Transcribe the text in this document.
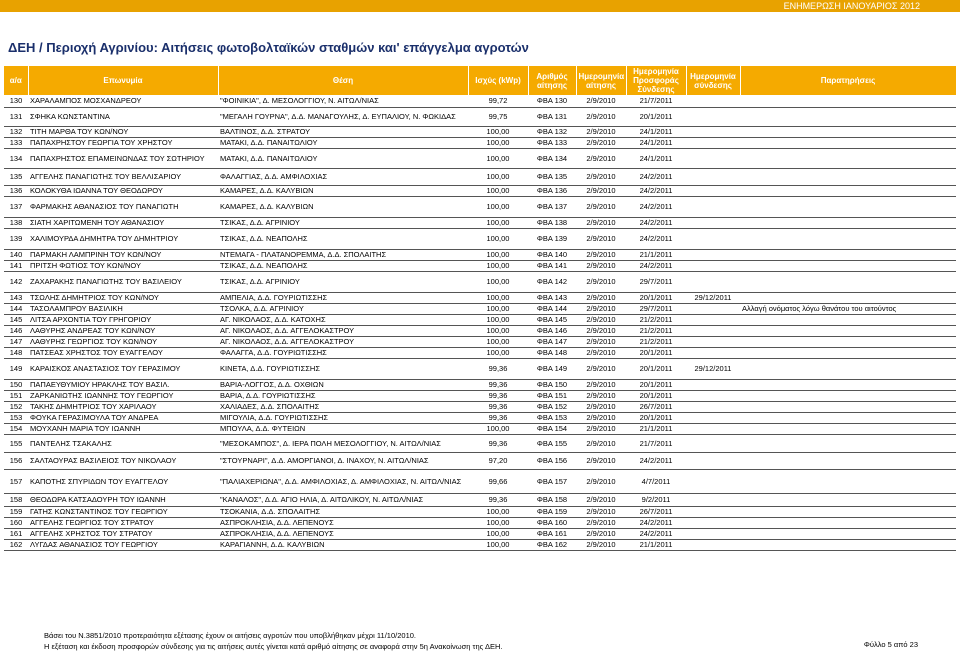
ΕΝΗΜΕΡΩΣΗ ΙΑΝΟΥΑΡΙΟΣ 2012
ΔΕΗ / Περιοχή Αγρινίου: Αιτήσεις φωτοβολταϊκών σταθμών και' επάγγελμα αγροτών
α/α	Επωνυμία	Θέση	Ισχύς (kWp)	Αριθμός αίτησης	Ημερομηνία αίτησης	Ημερομηνία Προσφοράς Σύνδεσης	Ημερομηνία σύνδεσης	Παρατηρήσεις
130	ΧΑΡΑΛΑΜΠΟΣ ΜΟΣΧΑΝΔΡΕΟΥ	"ΦΟΙΝΙΚΙΑ", Δ. ΜΕΣΟΛΟΓΓΙΟΥ, Ν. ΑΙΤΩΛ/ΝΙΑΣ	99,72	ΦΒΑ 130	2/9/2010	21/7/2011		
131	ΣΦΗΚΑ ΚΩΝΣΤΑΝΤΙΝΑ	"ΜΕΓΑΛΗ ΓΟΥΡΝΑ", Δ.Δ. ΜΑΝΑΓΟΥΛΗΣ, Δ. ΕΥΠΑΛΙΟΥ, Ν. ΦΩΚΙΔΑΣ	99,75	ΦΒΑ 131	2/9/2010	20/1/2011		
132	ΤΙΤΗ ΜΑΡΘΑ ΤΟΥ ΚΩΝ/ΝΟΥ	ΒΑΛΤΙΝΟΣ, Δ.Δ. ΣΤΡΑΤΟΥ	100,00	ΦΒΑ 132	2/9/2010	24/1/2011		
133	ΠΑΠΑΧΡΗΣΤΟΥ ΓΕΩΡΓΙΑ ΤΟΥ ΧΡΗΣΤΟΥ	ΜΑΤΑΚΙ, Δ.Δ. ΠΑΝΑΙΤΩΛΙΟΥ	100,00	ΦΒΑ 133	2/9/2010	24/1/2011		
134	ΠΑΠΑΧΡΗΣΤΟΣ ΕΠΑΜΕΙΝΩΝΔΑΣ ΤΟΥ ΣΩΤΗΡΙΟΥ	ΜΑΤΑΚΙ, Δ.Δ. ΠΑΝΑΙΤΩΛΙΟΥ	100,00	ΦΒΑ 134	2/9/2010	24/1/2011		
135	ΑΓΓΕΛΗΣ ΠΑΝΑΓΙΩΤΗΣ ΤΟΥ ΒΕΛΛΙΣΑΡΙΟΥ	ΦΑΛΑΓΓΙΑΣ, Δ.Δ. ΑΜΦΙΛΟΧΙΑΣ	100,00	ΦΒΑ 135	2/9/2010	24/2/2011		
136	ΚΟΛΟΚΥΘΑ ΙΩΑΝΝΑ ΤΟΥ ΘΕΟΔΩΡΟΥ	ΚΑΜΑΡΕΣ, Δ.Δ. ΚΑΛΥΒΙΩΝ	100,00	ΦΒΑ 136	2/9/2010	24/2/2011		
137	ΦΑΡΜΑΚΗΣ ΑΘΑΝΑΣΙΟΣ ΤΟΥ ΠΑΝΑΓΙΩΤΗ	ΚΑΜΑΡΕΣ, Δ.Δ. ΚΑΛΥΒΙΩΝ	100,00	ΦΒΑ 137	2/9/2010	24/2/2011		
138	ΣΙΑΤΗ ΧΑΡΙΤΩΜΕΝΗ ΤΟΥ ΑΘΑΝΑΣΙΟΥ	ΤΣΙΚΑΣ, Δ.Δ. ΑΓΡΙΝΙΟΥ	100,00	ΦΒΑ 138	2/9/2010	24/2/2011		
139	ΧΑΛΙΜΟΥΡΔΑ ΔΗΜΗΤΡΑ ΤΟΥ ΔΗΜΗΤΡΙΟΥ	ΤΣΙΚΑΣ, Δ.Δ. ΝΕΑΠΟΛΗΣ	100,00	ΦΒΑ 139	2/9/2010	24/2/2011		
140	ΠΑΡΜΑΚΗ ΛΑΜΠΡΙΝΗ ΤΟΥ ΚΩΝ/ΝΟΥ	ΝΤΕΜΑΓΑ - ΠΛΑΤΑΝΟΡΕΜΜΑ, Δ.Δ. ΣΠΟΛΑΙΤΗΣ	100,00	ΦΒΑ 140	2/9/2010	21/1/2011		
141	ΠΡΙΤΣΗ ΦΩΤΙΟΣ ΤΟΥ ΚΩΝ/ΝΟΥ	ΤΣΙΚΑΣ, Δ.Δ. ΝΕΑΠΟΛΗΣ	100,00	ΦΒΑ 141	2/9/2010	24/2/2011		
142	ΖΑΧΑΡΑΚΗΣ ΠΑΝΑΓΙΩΤΗΣ ΤΟΥ ΒΑΣΙΛΕΙΟΥ	ΤΣΙΚΑΣ, Δ.Δ. ΑΓΡΙΝΙΟΥ	100,00	ΦΒΑ 142	2/9/2010	29/7/2011		
143	ΤΣΩΛΗΣ ΔΗΜΗΤΡΙΟΣ ΤΟΥ ΚΩΝ/ΝΟΥ	ΑΜΠΕΛΙΑ, Δ.Δ. ΓΟΥΡΙΩΤΙΣΣΗΣ	100,00	ΦΒΑ 143	2/9/2010	20/1/2011	29/12/2011	
144	ΤΑΣΟΛΑΜΠΡΟΥ ΒΑΣΙΛΙΚΗ	ΤΣΟΛΚΑ, Δ.Δ. ΑΓΡΙΝΙΟΥ	100,00	ΦΒΑ 144	2/9/2010	29/7/2011		Αλλαγή ονόματος λόγω θανάτου του αιτούντος
145	ΛΙΤΣΑ ΑΡΧΟΝΤΙΑ ΤΟΥ ΓΡΗΓΟΡΙΟΥ	ΑΓ. ΝΙΚΟΛΑΟΣ, Δ.Δ. ΚΑΤΟΧΗΣ	100,00	ΦΒΑ 145	2/9/2010	21/2/2011		
146	ΛΑΘΥΡΗΣ ΑΝΔΡΕΑΣ ΤΟΥ ΚΩΝ/ΝΟΥ	ΑΓ. ΝΙΚΟΛΑΟΣ, Δ.Δ. ΑΓΓΕΛΟΚΑΣΤΡΟΥ	100,00	ΦΒΑ 146	2/9/2010	21/2/2011		
147	ΛΑΘΥΡΗΣ ΓΕΩΡΓΙΟΣ ΤΟΥ ΚΩΝ/ΝΟΥ	ΑΓ. ΝΙΚΟΛΑΟΣ, Δ.Δ. ΑΓΓΕΛΟΚΑΣΤΡΟΥ	100,00	ΦΒΑ 147	2/9/2010	21/2/2011		
148	ΠΑΤΣΕΑΣ ΧΡΗΣΤΟΣ ΤΟΥ ΕΥΑΓΓΕΛΟΥ	ΦΑΛΑΓΓΑ, Δ.Δ. ΓΟΥΡΙΩΤΙΣΣΗΣ	100,00	ΦΒΑ 148	2/9/2010	20/1/2011		
149	ΚΑΡΑΙΣΚΟΣ ΑΝΑΣΤΑΣΙΟΣ ΤΟΥ ΓΕΡΑΣΙΜΟΥ	ΚΙΝΕΤΑ, Δ.Δ. ΓΟΥΡΙΩΤΙΣΣΗΣ	99,36	ΦΒΑ 149	2/9/2010	20/1/2011	29/12/2011	
150	ΠΑΠΑΕΥΘΥΜΙΟΥ ΗΡΑΚΛΗΣ ΤΟΥ ΒΑΣΙΛ.	ΒΑΡΙΑ-ΛΟΓΓΟΣ, Δ.Δ. ΟΧΘΙΩΝ	99,36	ΦΒΑ 150	2/9/2010	20/1/2011		
151	ΖΑΡΚΑΝΙΩΤΗΣ ΙΩΑΝΝΗΣ ΤΟΥ ΓΕΩΡΓΙΟΥ	ΒΑΡΙΑ, Δ.Δ. ΓΟΥΡΙΩΤΙΣΣΗΣ	99,36	ΦΒΑ 151	2/9/2010	20/1/2011		
152	ΤΑΚΗΣ ΔΗΜΗΤΡΙΟΣ ΤΟΥ ΧΑΡΙΛΑΟΥ	ΧΑΛΙΑΔΕΣ, Δ.Δ. ΣΠΟΛΑΙΤΗΣ	99,36	ΦΒΑ 152	2/9/2010	26/7/2011		
153	ΦΟΥΚΑ ΓΕΡΑΣΙΜΟΥΛΑ ΤΟΥ ΑΝΔΡΕΑ	ΜΙΓΟΥΛΙΑ, Δ.Δ. ΓΟΥΡΙΩΤΙΣΣΗΣ	99,36	ΦΒΑ 153	2/9/2010	20/1/2011		
154	ΜΟΥΧΑΝΗ ΜΑΡΙΑ ΤΟΥ ΙΩΑΝΝΗ	ΜΠΟΥΛΑ, Δ.Δ. ΦΥΤΕΙΩΝ	100,00	ΦΒΑ 154	2/9/2010	21/1/2011		
155	ΠΑΝΤΕΛΗΣ ΤΣΑΚΑΛΗΣ	"ΜΕΣΟΚΑΜΠΟΣ", Δ. ΙΕΡΑ ΠΟΛΗ ΜΕΣΟΛΟΓΓΙΟΥ, Ν. ΑΙΤΩΛ/ΝΙΑΣ	99,36	ΦΒΑ 155	2/9/2010	21/7/2011		
156	ΣΑΛΤΑΟΥΡΑΣ ΒΑΣΙΛΕΙΟΣ ΤΟΥ ΝΙΚΟΛΑΟΥ	"ΣΤΟΥΡΝΑΡΙ", Δ.Δ. ΑΜΟΡΓΙΑΝΟΙ, Δ. ΙΝΑΧΟΥ, Ν. ΑΙΤΩΛ/ΝΙΑΣ	97,20	ΦΒΑ 156	2/9/2010	24/2/2011		
157	ΚΑΠΟΤΗΣ ΣΠΥΡΙΔΩΝ ΤΟΥ ΕΥΑΓΓΕΛΟΥ	"ΠΑΛΙΑΧΕΡΙΩΝΑ", Δ.Δ. ΑΜΦΙΛΟΧΙΑΣ, Δ. ΑΜΦΙΛΟΧΙΑΣ, Ν. ΑΙΤΩΛ/ΝΙΑΣ	99,66	ΦΒΑ 157	2/9/2010	4/7/2011		
158	ΘΕΟΔΩΡΑ ΚΑΤΣΑΔΟΥΡΗ ΤΟΥ ΙΩΑΝΝΗ	"ΚΑΝΑΛΟΣ", Δ.Δ. ΑΓΙΟ ΗΛΙΑ, Δ. ΑΙΤΩΛΙΚΟΥ, Ν. ΑΙΤΩΛ/ΝΙΑΣ	99,36	ΦΒΑ 158	2/9/2010	9/2/2011		
159	ΓΑΤΗΣ ΚΩΝΣΤΑΝΤΙΝΟΣ ΤΟΥ ΓΕΩΡΓΙΟΥ	ΤΣΟΚΑΝΙΑ, Δ.Δ. ΣΠΟΛΑΙΤΗΣ	100,00	ΦΒΑ 159	2/9/2010	26/7/2011		
160	ΑΓΓΕΛΗΣ ΓΕΩΡΓΙΟΣ ΤΟΥ ΣΤΡΑΤΟΥ	ΑΣΠΡΟΚΛΗΣΙΑ, Δ.Δ. ΛΕΠΕΝΟΥΣ	100,00	ΦΒΑ 160	2/9/2010	24/2/2011		
161	ΑΓΓΕΛΗΣ ΧΡΗΣΤΟΣ ΤΟΥ ΣΤΡΑΤΟΥ	ΑΣΠΡΟΚΛΗΣΙΑ, Δ.Δ. ΛΕΠΕΝΟΥΣ	100,00	ΦΒΑ 161	2/9/2010	24/2/2011		
162	ΛΥΓΔΑΣ ΑΘΑΝΑΣΙΟΣ ΤΟΥ ΓΕΩΡΓΙΟΥ	ΚΑΡΑΓΙΑΝΝΗ, Δ.Δ. ΚΑΛΥΒΙΩΝ	100,00	ΦΒΑ 162	2/9/2010	21/1/2011		
Βάσει του Ν.3851/2010 προτεραιότητα εξέτασης έχουν οι αιτήσεις αγροτών που υποβλήθηκαν μέχρι 11/10/2010.
Η εξέταση και έκδοση προσφορών σύνδεσης για τις αιτήσεις αυτές γίνεται κατά αριθμό αίτησης σε αναφορά στην 5η Ανακοίνωση της ΔΕΗ.	Φύλλο 5 από 23
